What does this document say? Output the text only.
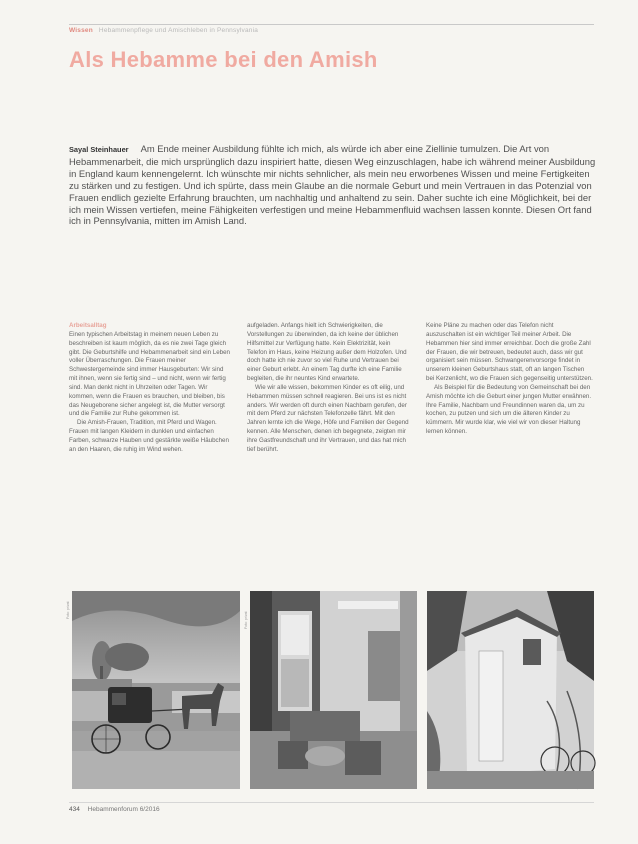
Wissen Hebammenpflege und Amischleben in Pennsylvania
Als Hebamme bei den Amish
Sayal Steinhauer Am Ende meiner Ausbildung fühlte ich mich, als würde ich aber eine Ziellinie tumulzen. Die Art von Hebammenarbeit, die mich ursprünglich dazu inspiriert hatte, diesen Weg einzuschlagen, habe ich während meiner Ausbildung in England kaum kennengelernt. Ich wünschte mir nichts sehnlicher, als mein neu erworbenes Wissen und meine Fertigkeiten zu stärken und zu festigen. Und ich spürte, dass mein Glaube an die normale Geburt und mein Vertrauen in das Potenzial von Frauen endlich gezielte Erfahrung brauchten, um nachhaltig und anhaltend zu sein. Daher suchte ich eine Möglichkeit, bei der ich mein Wissen vertiefen, meine Fähigkeiten verfestigen und meine Hebammenfluid wachsen lassen konnte. Diesen Ort fand ich in Pennsylvania, mitten im Amish Land.
Arbeitsalltag

Einen typischen Arbeitstag in meinem neuen Leben zu beschreiben ist kaum möglich, da es nie zwei Tage gleich gibt. Die Geburtshilfe und Hebammenarbeit sind ein Leben voller Überraschungen. Die Frauen meiner Schwestergemeinde sind immer Hausgeburten: Wir sind mit ihnen, wenn sie fertig sind – und nicht, wenn wir fertig sind. Man denkt nicht in Uhrzeiten oder Tagen. Wir kommen, wenn die Frauen es brauchen, und bleiben, bis das Neugeborene sicher angelegt ist, die Mutter versorgt und die Familie zur Ruhe gekommen ist.

Die Amish-Frauen, Tradition, mit Pferd und Wagen. Frauen mit langen Kleidern in dunklen und einfachen Farben, schwarze Hauben und gestärkte weiße Häubchen an den Haaren, die ruhig im Wind wehen.

aufgeladen. Anfangs hielt ich Schwierigkeiten, die Vorstellungen zu überwinden, da ich keine der üblichen Hilfsmittel zur Verfügung hatte. Kein Elektrizität, kein Telefon im Haus, keine Heizung außer dem Holzofen. Und doch hatte ich nie zuvor so viel Ruhe und Vertrauen bei einer Geburt erlebt. An einem Tag durfte ich eine Familie begleiten, die ihr neuntes Kind erwartete.

Wie wir alle wissen, bekommen Kinder es oft eilig, und Hebammen müssen schnell reagieren. Bei uns ist es nicht anders. Wir werden oft durch einen Nachbarn gerufen, der mit dem Pferd zur nächsten Telefonzelle fährt. Mit den Jahren lernte ich die Wege, Höfe und Familien der Gegend kennen. Alle Menschen, denen ich begegnete, zeigten mir ihre Gastfreundschaft und ihr Vertrauen, und das hat mich tief berührt.

Keine Pläne zu machen oder das Telefon nicht auszuschalten ist ein wichtiger Teil meiner Arbeit. Die Hebammen hier sind immer erreichbar. Doch die große Zahl der Frauen, die wir betreuen, bedeutet auch, dass wir gut organisiert sein müssen. Schwangerenvorsorge findet in unserem kleinen Geburtshaus statt, oft an langen Tischen bei Kerzenlicht, wo die Frauen sich gegenseitig unterstützen.

Als Beispiel für die Bedeutung von Gemeinschaft bei den Amish möchte ich die Geburt einer jungen Mutter erwähnen. Ihre Familie, Nachbarn und Freundinnen waren da, um zu kochen, zu putzen und sich um die älteren Kinder zu kümmern. Mir wurde klar, wie viel wir von dieser Haltung lernen können.

Foto: privat
Foto: privat
434 Hebammenforum 6/2016
